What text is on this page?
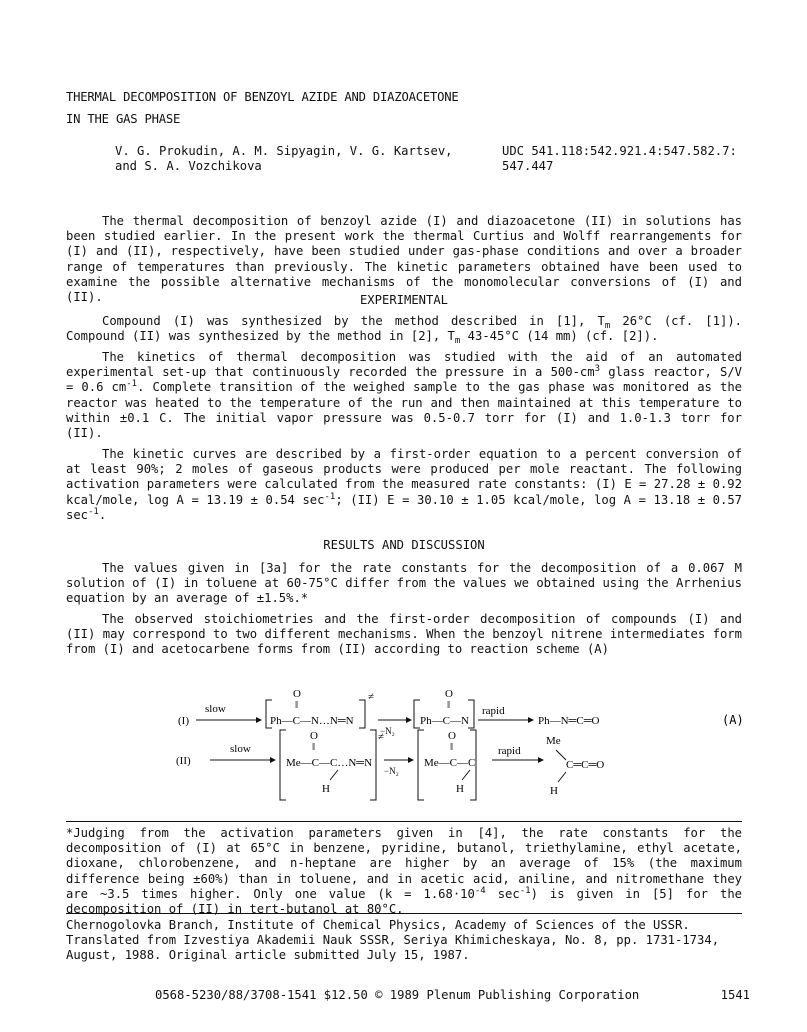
THERMAL DECOMPOSITION OF BENZOYL AZIDE AND DIAZOACETONE
IN THE GAS PHASE
V. G. Prokudin, A. M. Sipyagin, V. G. Kartsev,
and S. A. Vozchikova
UDC 541.118:542.921.4:547.582.7:
547.447
The thermal decomposition of benzoyl azide (I) and diazoacetone (II) in solutions has been studied earlier. In the present work the thermal Curtius and Wolff rearrangements for (I) and (II), respectively, have been studied under gas-phase conditions and over a broader range of temperatures than previously. The kinetic parameters obtained have been used to examine the possible alternative mechanisms of the monomolecular conversions of (I) and (II).	EXPERIMENTAL
Compound (I) was synthesized by the method described in [1], $T_m$ 26°C (cf. [1]). Compound (II) was synthesized by the method in [2], $T_m$ 43-45°C (14 mm) (cf. [2]).
The kinetics of thermal decomposition was studied with the aid of an automated experimental set-up that continuously recorded the pressure in a $500-cm^3$ glass reactor, S/V = 0.6 $cm^{-1}$. Complete transition of the weighed sample to the gas phase was monitored as the reactor was heated to the temperature of the run and then maintained at this temperature to within ±0.1 C. The initial vapor pressure was 0.5-0.7 torr for (I) and 1.0-1.3 torr for (II).
The kinetic curves are described by a first-order equation to a percent conversion of at least 90%; 2 moles of gaseous products were produced per mole reactant. The following activation parameters were calculated from the measured rate constants: (I) E = 27.28 ± 0.92 kcal/mole, log A = 13.19 ± 0.54 $\sec^{-1}$; (II) E = 30.10 ± 1.05 kcal/mole, log A = 13.18 ± 0.57 $\sec^{-1}$.
RESULTS AND DISCUSSION
The values given in [3a] for the rate constants for the decomposition of a 0.067 M solution of (I) in toluene at 60-75°C differ from the values we obtained using the Arrhenius equation by an average of ±1.5%.*
The observed stoichiometries and the first-order decomposition of compounds (I) and (II) may correspond to two different mechanisms. When the benzoyl nitrene intermediates form from (I) and acetocarbene forms from (II) according to reaction scheme (A)
(I)
slow
O
‖
Ph—C—N…N═N
≠
−N₂
O
‖
Ph—C—N
rapid
Ph—N═C═O	(A)
(II)
slow
O
‖
Me—C—C…N═N
H
≠
−N₂
O
‖
Me—C—C
H
rapid
Me
C═C═O
H
*Judging from the activation parameters given in [4], the rate constants for the decomposition of (I) at 65°C in benzene, pyridine, butanol, triethylamine, ethyl acetate, dioxane, chlorobenzene, and n-heptane are higher by an average of 15% (the maximum difference being ±60%) than in toluene, and in acetic acid, aniline, and nitromethane they are ~3.5 times higher. Only one value ($k = 1.68\cdot 10^{-4}$ $\sec^{-1}$) is given in [5] for the decomposition of (II) in tert-butanol at 80°C.
Chernogolovka Branch, Institute of Chemical Physics, Academy of Sciences of the USSR.
Translated from Izvestiya Akademii Nauk SSSR, Seriya Khimicheskaya, No. 8, pp. 1731-1734,
August, 1988. Original article submitted July 15, 1987.
0568-5230/88/3708-1541 $12.50 © 1989 Plenum Publishing Corporation	1541
